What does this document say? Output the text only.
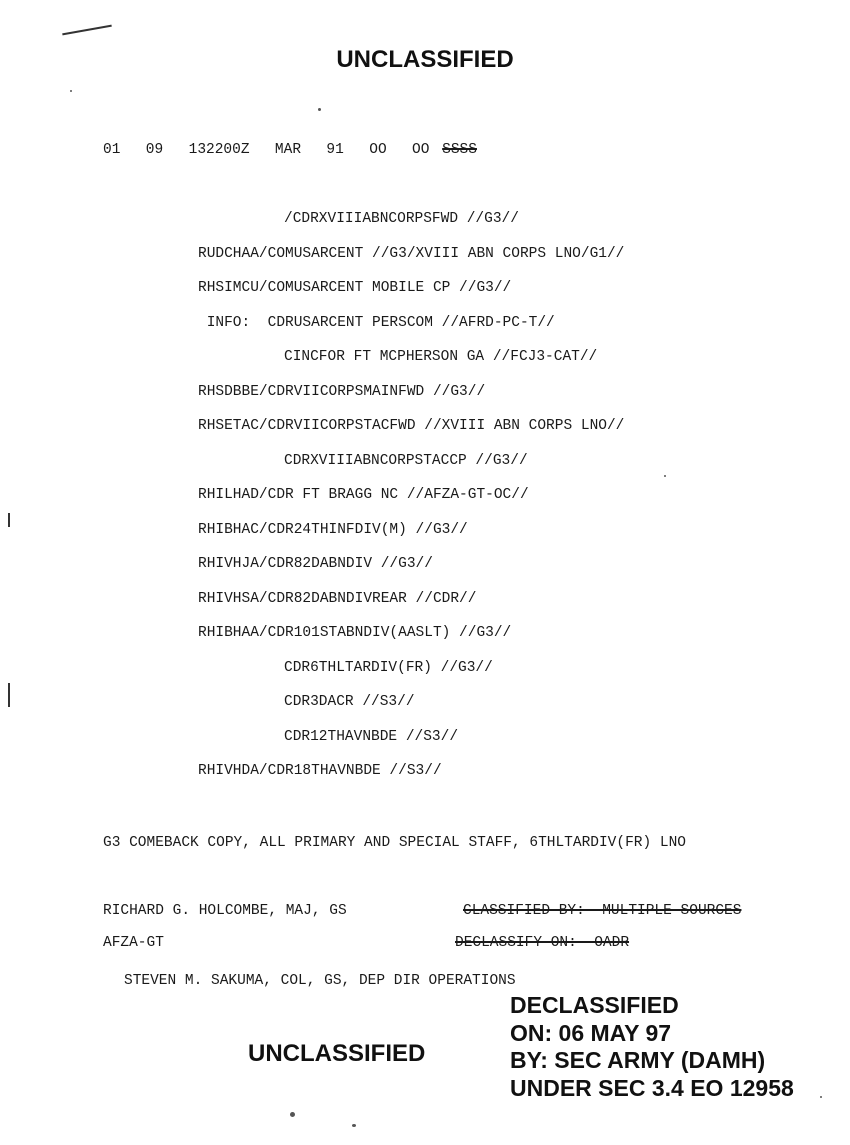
UNCLASSIFIED
01  09  132200Z  MAR  91  OO  OO SSSS
/CDRXVIIIABNCORPSFWD //G3//
RUDCHAA/COMUSARCENT //G3/XVIII ABN CORPS LNO/G1//
RHSIMCU/COMUSARCENT MOBILE CP //G3//
INFO:  CDRUSARCENT PERSCOM //AFRD-PC-T//
CINCFOR FT MCPHERSON GA //FCJ3-CAT//
RHSDBBE/CDRVIICORPSMAINFWD //G3//
RHSETAC/CDRVIICORPSTACFWD //XVIII ABN CORPS LNO//
CDRXVIIIABNCORPSTACCP //G3//
RHILHAD/CDR FT BRAGG NC //AFZA-GT-OC//
RHIBHAC/CDR24THINFDIV(M) //G3//
RHIVHJA/CDR82DABNDIV //G3//
RHIVHSA/CDR82DABNDIVREAR //CDR//
RHIBHAA/CDR101STABNDIV(AASLT) //G3//
CDR6THLTARDIV(FR) //G3//
CDR3DACR //S3//
CDR12THAVNBDE //S3//
RHIVHDA/CDR18THAVNBDE //S3//
G3 COMEBACK COPY, ALL PRIMARY AND SPECIAL STAFF, 6THLTARDIV(FR) LNO
RICHARD G. HOLCOMBE, MAJ, GS
AFZA-GT
STEVEN M. SAKUMA, COL, GS, DEP DIR OPERATIONS
CLASSIFIED BY:  MULTIPLE SOURCES
DECLASSIFY ON:  OADR
DECLASSIFIED
ON: 06 MAY 97
BY: SEC ARMY (DAMH)
UNDER SEC 3.4 EO 12958
UNCLASSIFIED
